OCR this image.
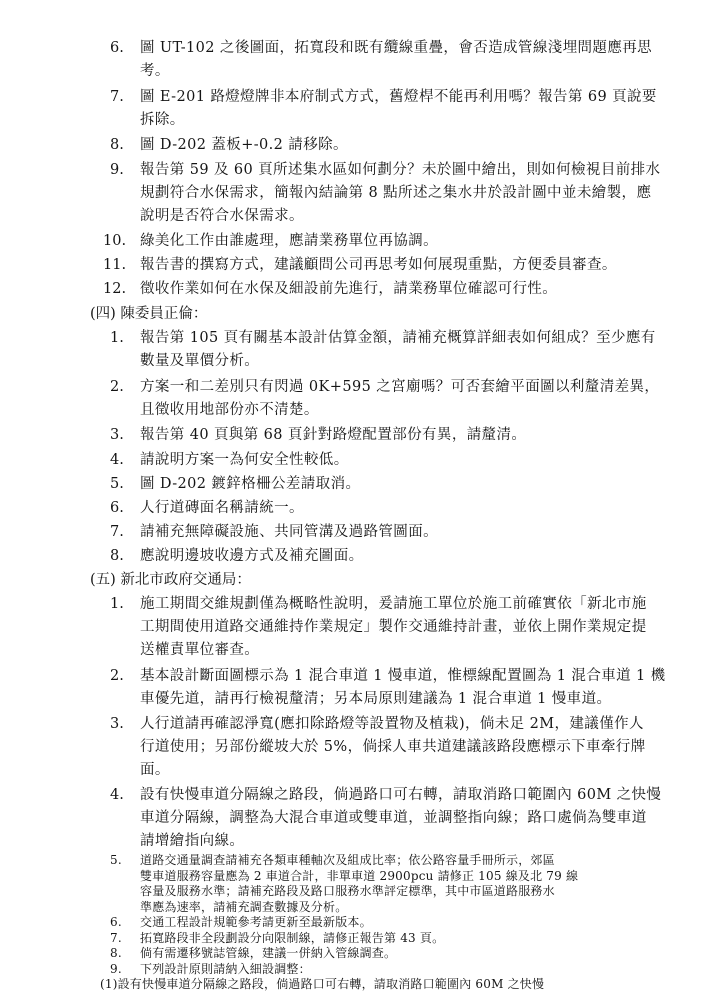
6. 圖 UT-102 之後圖面，拓寬段和既有纜線重疊，會否造成管線淺埋問題應再思
考。
7. 圖 E-201 路燈燈牌非本府制式方式，舊燈桿不能再利用嗎？報告第 69 頁說要
拆除。
8. 圖 D-202 蓋板+-0.2 請移除。
9. 報告第 59 及 60 頁所述集水區如何劃分？未於圖中繪出，則如何檢視目前排水
規劃符合水保需求，簡報內結論第 8 點所述之集水井於設計圖中並未繪製，應
說明是否符合水保需求。
10. 綠美化工作由誰處理，應請業務單位再協調。
11. 報告書的撰寫方式，建議顧問公司再思考如何展現重點，方便委員審查。
12. 徵收作業如何在水保及細設前先進行，請業務單位確認可行性。
(四) 陳委員正倫：
1. 報告第 105 頁有關基本設計估算金額，請補充概算詳細表如何組成？至少應有
數量及單價分析。
2. 方案一和二差別只有閃過 0K+595 之宮廟嗎？可否套繪平面圖以利釐清差異，
且徵收用地部份亦不清楚。
3. 報告第 40 頁與第 68 頁針對路燈配置部份有異，請釐清。
4. 請說明方案一為何安全性較低。
5. 圖 D-202 鍍鋅格柵公差請取消。
6. 人行道磚面名稱請統一。
7. 請補充無障礙設施、共同管溝及過路管圖面。
8. 應說明邊坡收邊方式及補充圖面。
(五) 新北市政府交通局：
1. 施工期間交維規劃僅為概略性說明，爰請施工單位於施工前確實依「新北市施
工期間使用道路交通維持作業規定」製作交通維持計畫，並依上開作業規定提
送權責單位審查。
2. 基本設計斷面圖標示為 1 混合車道 1 慢車道，惟標線配置圖為 1 混合車道 1 機
車優先道，請再行檢視釐清；另本局原則建議為 1 混合車道 1 慢車道。
3. 人行道請再確認淨寬(應扣除路燈等設置物及植栽)，倘未足 2M，建議僅作人
行道使用；另部份縱坡大於 5%，倘採人車共道建議該路段應標示下車牽行牌
面。
4. 設有快慢車道分隔線之路段，倘過路口可右轉，請取消路口範圍內 60M 之快慢
車道分隔線，調整為大混合車道或雙車道，並調整指向線；路口處倘為雙車道
請增繪指向線。
5. 道路交通量調查請補充各類車種軸次及組成比率；依公路容量手冊所示，郊區
雙車道服務容量應為 2 車道合計，非單車道 2900pcu 請修正 105 線及北 79 線
容量及服務水準；請補充路段及路口服務水準評定標準，其中市區道路服務水
準應為速率，請補充調查數據及分析。
6. 交通工程設計規範參考請更新至最新版本。
7. 拓寬路段非全段劃設分向限制線，請修正報告第 43 頁。
8. 倘有需遷移號誌管線，建議一併納入管線調查。
9. 下列設計原則請納入細設調整：
(1)設有快慢車道分隔線之路段，倘過路口可右轉，請取消路口範圍內 60M 之快慢
